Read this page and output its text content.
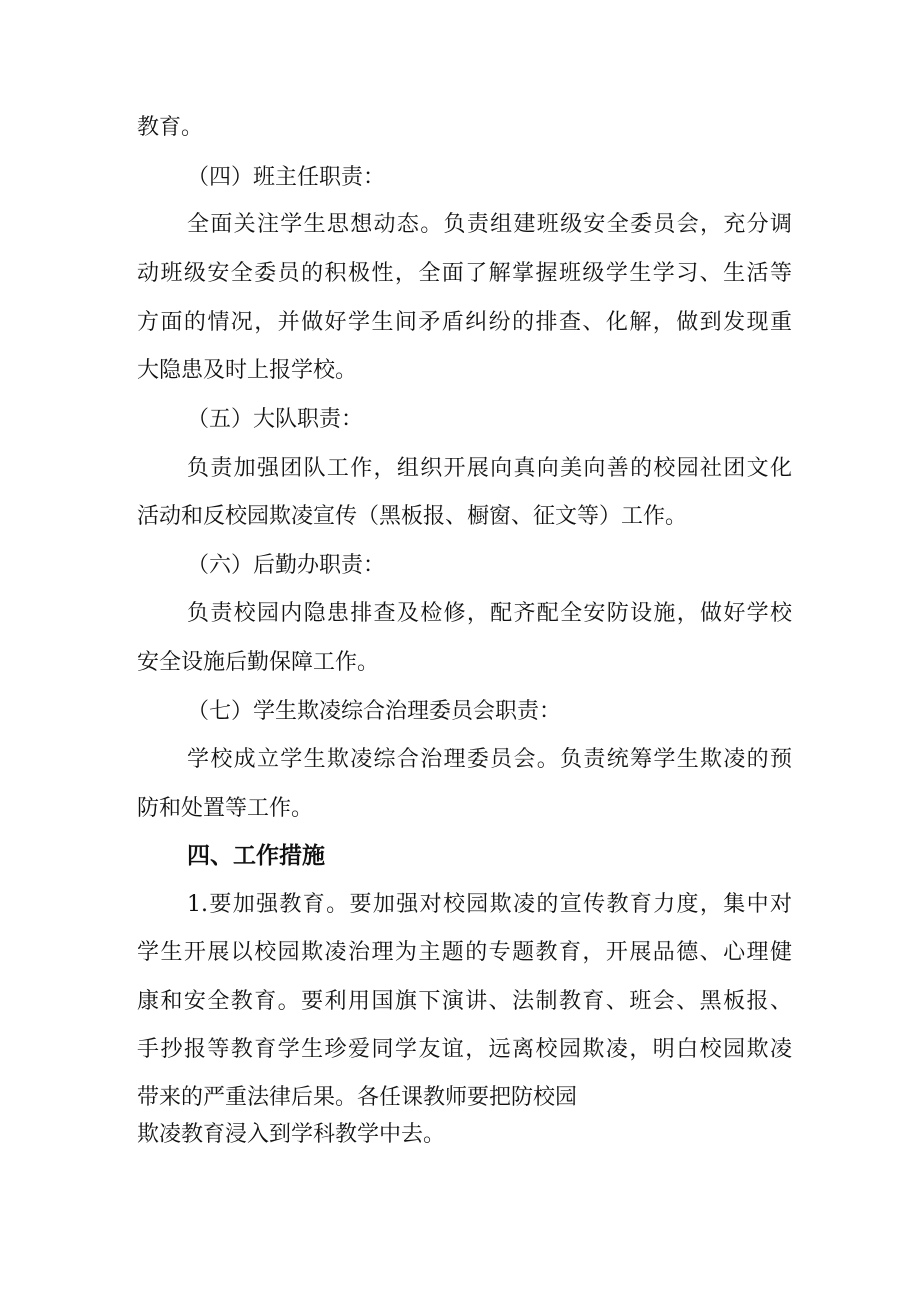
教育。
（四）班主任职责：
全面关注学生思想动态。负责组建班级安全委员会，充分调
动班级安全委员的积极性，全面了解掌握班级学生学习、生活等
方面的情况，并做好学生间矛盾纠纷的排查、化解，做到发现重
大隐患及时上报学校。
（五）大队职责：
负责加强团队工作，组织开展向真向美向善的校园社团文化
活动和反校园欺凌宣传（黑板报、橱窗、征文等）工作。
（六）后勤办职责：
负责校园内隐患排查及检修，配齐配全安防设施，做好学校
安全设施后勤保障工作。
（七）学生欺凌综合治理委员会职责：
学校成立学生欺凌综合治理委员会。负责统筹学生欺凌的预
防和处置等工作。
四、工作措施
1.要加强教育。要加强对校园欺凌的宣传教育力度，集中对
学生开展以校园欺凌治理为主题的专题教育，开展品德、心理健
康和安全教育。要利用国旗下演讲、法制教育、班会、黑板报、
手抄报等教育学生珍爱同学友谊，远离校园欺凌，明白校园欺凌
带来的严重法律后果。各任课教师要把防校园
欺凌教育浸入到学科教学中去。
